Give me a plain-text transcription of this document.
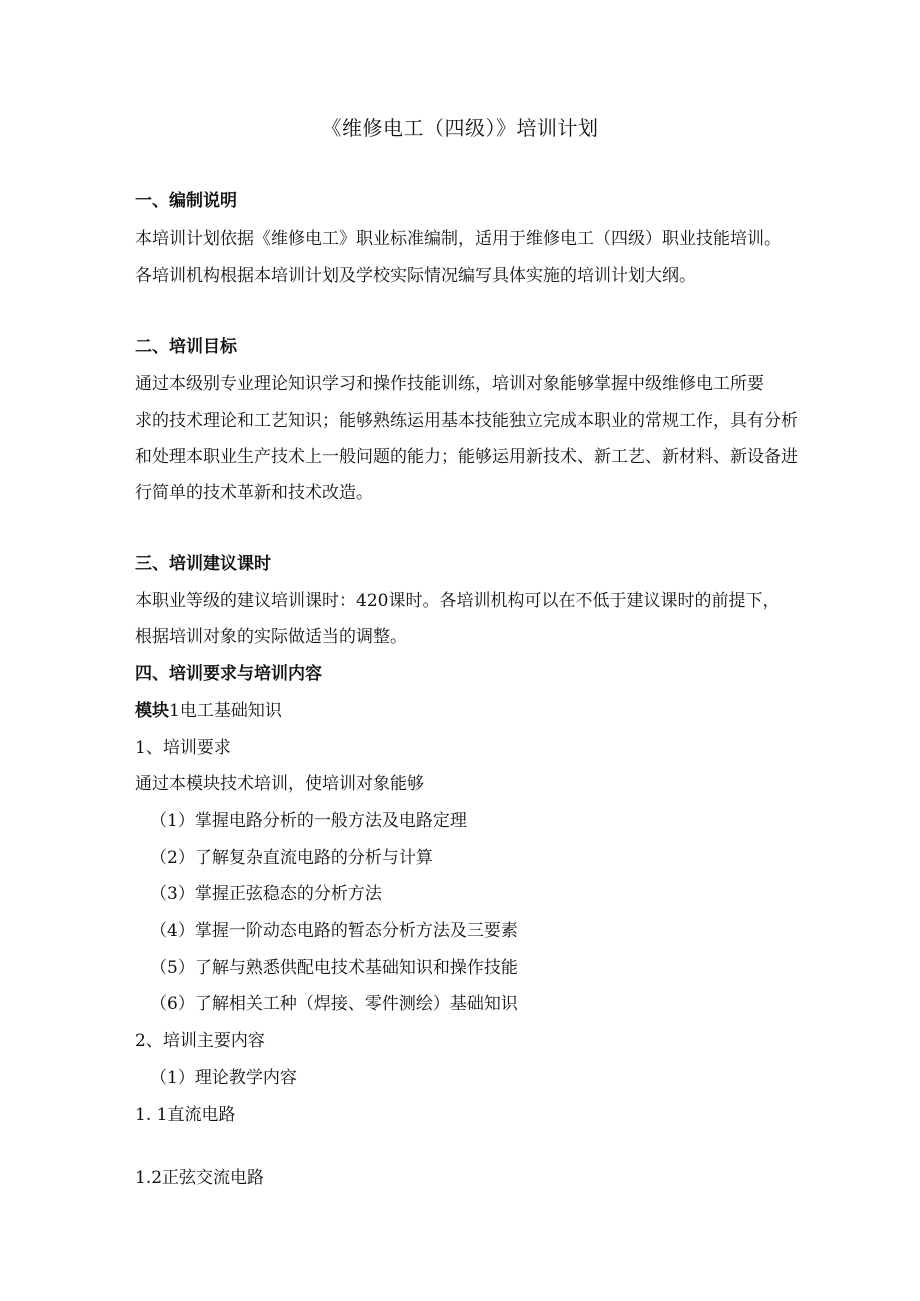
《维修电工（四级）》培训计划
一、编制说明
本培训计划依据《维修电工》职业标准编制，适用于维修电工（四级）职业技能培训。
各培训机构根据本培训计划及学校实际情况编写具体实施的培训计划大纲。
二、培训目标
通过本级别专业理论知识学习和操作技能训练，培训对象能够掌握中级维修电工所要
求的技术理论和工艺知识；能够熟练运用基本技能独立完成本职业的常规工作，具有分析
和处理本职业生产技术上一般问题的能力；能够运用新技术、新工艺、新材料、新设备进
行简单的技术革新和技术改造。
三、培训建议课时
本职业等级的建议培训课时：420课时。各培训机构可以在不低于建议课时的前提下，
根据培训对象的实际做适当的调整。
四、培训要求与培训内容
模块1电工基础知识
1、培训要求
通过本模块技术培训，使培训对象能够
（1）掌握电路分析的一般方法及电路定理
（2）了解复杂直流电路的分析与计算
（3）掌握正弦稳态的分析方法
（4）掌握一阶动态电路的暂态分析方法及三要素
（5）了解与熟悉供配电技术基础知识和操作技能
（6）了解相关工种（焊接、零件测绘）基础知识
2、培训主要内容
（1）理论教学内容
1. 1直流电路
1.2正弦交流电路
